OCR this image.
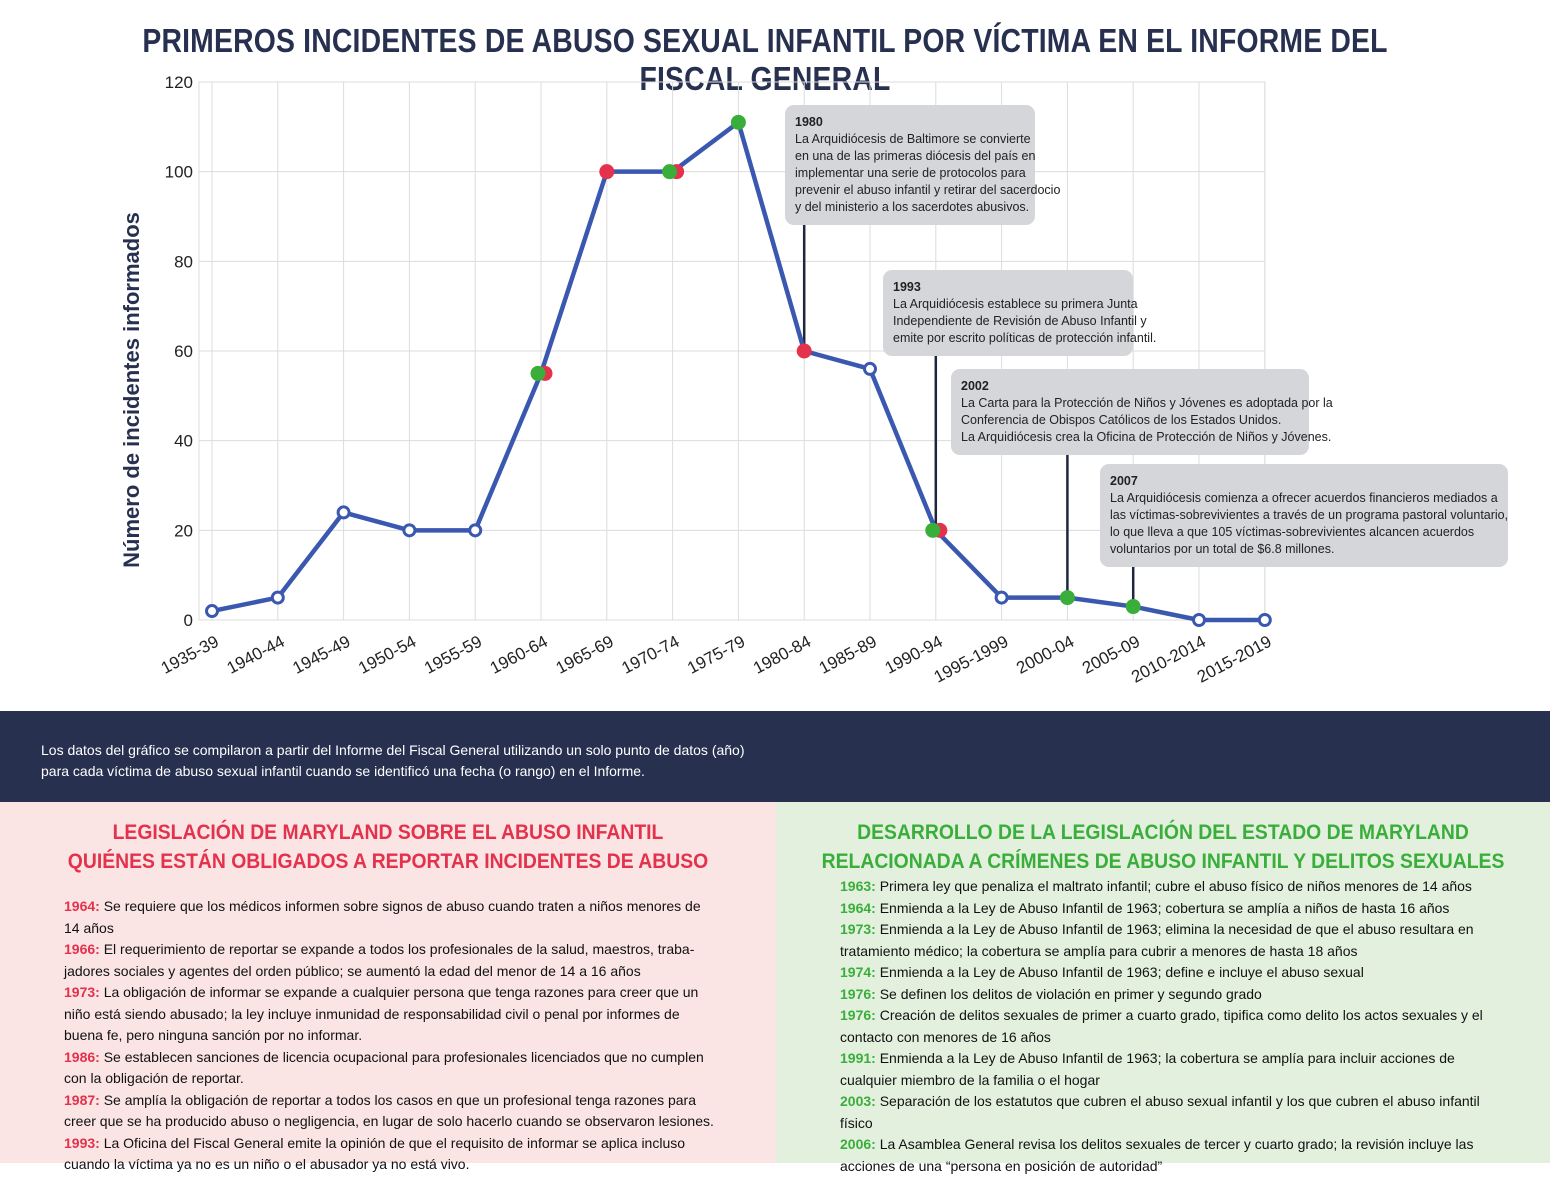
PRIMEROS INCIDENTES DE ABUSO SEXUAL INFANTIL POR VÍCTIMA EN EL INFORME DEL FISCAL GENERAL
0
20
40
60
80
100
120
1935-39 1940-44 1945-49 1950-54 1955-59 1960-64 1965-69 1970-74 1975-79 1980-84 1985-89 1990-94
1995-1999 2000-04 2005-09
2010-2014
2015-2019
Número de incidentes informados
1980
La Arquidiócesis de Baltimore se convierte
en una de las primeras diócesis del país en
implementar una serie de protocolos para
prevenir el abuso infantil y retirar del sacerdocio
y del ministerio a los sacerdotes abusivos.
1993
La Arquidiócesis establece su primera Junta
Independiente de Revisión de Abuso Infantil y
emite por escrito políticas de protección infantil.
2002
La Carta para la Protección de Niños y Jóvenes es adoptada por la
Conferencia de Obispos Católicos de los Estados Unidos.
La Arquidiócesis crea la Oficina de Protección de Niños y Jóvenes.
2007
La Arquidiócesis comienza a ofrecer acuerdos financieros mediados a
las víctimas-sobrevivientes a través de un programa pastoral voluntario,
lo que lleva a que 105 víctimas-sobrevivientes alcancen acuerdos
voluntarios por un total de $6.8 millones.
Los datos del gráfico se compilaron a partir del Informe del Fiscal General utilizando un solo punto de datos (año)
para cada víctima de abuso sexual infantil cuando se identificó una fecha (o rango) en el Informe.
LEGISLACIÓN DE MARYLAND SOBRE EL ABUSO INFANTIL
QUIÉNES ESTÁN OBLIGADOS A REPORTAR INCIDENTES DE ABUSO
1964: Se requiere que los médicos informen sobre signos de abuso cuando traten a niños menores de 14 años
1966: El requerimiento de reportar se expande a todos los profesionales de la salud, maestros, traba-jadores sociales y agentes del orden público; se aumentó la edad del menor de 14 a 16 años
1973: La obligación de informar se expande a cualquier persona que tenga razones para creer que un niño está siendo abusado; la ley incluye inmunidad de responsabilidad civil o penal por informes de buena fe, pero ninguna sanción por no informar.
1986: Se establecen sanciones de licencia ocupacional para profesionales licenciados que no cumplen con la obligación de reportar.
1987: Se amplía la obligación de reportar a todos los casos en que un profesional tenga razones para creer que se ha producido abuso o negligencia, en lugar de solo hacerlo cuando se observaron lesiones.
1993: La Oficina del Fiscal General emite la opinión de que el requisito de informar se aplica incluso cuando la víctima ya no es un niño o el abusador ya no está vivo.
DESARROLLO DE LA LEGISLACIÓN DEL ESTADO DE MARYLAND
RELACIONADA A CRÍMENES DE ABUSO INFANTIL Y DELITOS SEXUALES
1963: Primera ley que penaliza el maltrato infantil; cubre el abuso físico de niños menores de 14 años
1964: Enmienda a la Ley de Abuso Infantil de 1963; cobertura se amplía a niños de hasta 16 años
1973: Enmienda a la Ley de Abuso Infantil de 1963; elimina la necesidad de que el abuso resultara en tratamiento médico; la cobertura se amplía para cubrir a menores de hasta 18 años
1974: Enmienda a la Ley de Abuso Infantil de 1963; define e incluye el abuso sexual
1976: Se definen los delitos de violación en primer y segundo grado
1976: Creación de delitos sexuales de primer a cuarto grado, tipifica como delito los actos sexuales y el contacto con menores de 16 años
1991: Enmienda a la Ley de Abuso Infantil de 1963; la cobertura se amplía para incluir acciones de cualquier miembro de la familia o el hogar
2003: Separación de los estatutos que cubren el abuso sexual infantil y los que cubren el abuso infantil físico
2006: La Asamblea General revisa los delitos sexuales de tercer y cuarto grado; la revisión incluye las acciones de una “persona en posición de autoridad”
